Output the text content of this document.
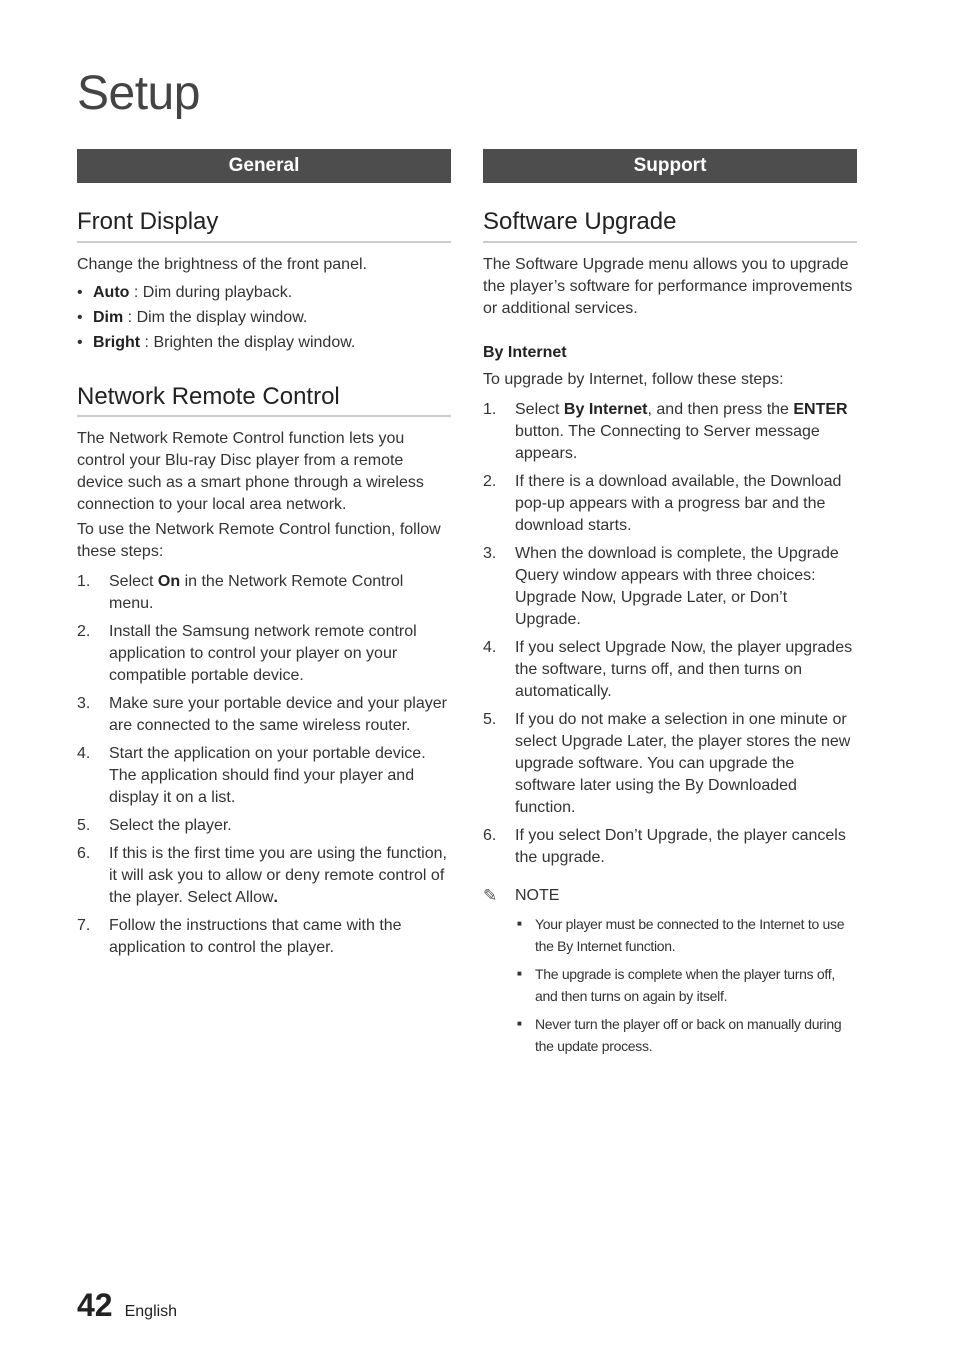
Setup
General
Front Display

Change the brightness of the front panel.

• Auto : Dim during playback.
• Dim : Dim the display window.
• Bright : Brighten the display window.
Network Remote Control

The Network Remote Control function lets you control your Blu-ray Disc player from a remote device such as a smart phone through a wireless connection to your local area network.

To use the Network Remote Control function, follow these steps:

1. Select On in the Network Remote Control menu.
2. Install the Samsung network remote control application to control your player on your compatible portable device.
3. Make sure your portable device and your player are connected to the same wireless router.
4. Start the application on your portable device. The application should find your player and display it on a list.
5. Select the player.
6. If this is the first time you are using the function, it will ask you to allow or deny remote control of the player. Select Allow.
7. Follow the instructions that came with the application to control the player.
Support
Software Upgrade

The Software Upgrade menu allows you to upgrade the player’s software for performance improvements or additional services.

By Internet

To upgrade by Internet, follow these steps:

1. Select By Internet, and then press the ENTER button. The Connecting to Server message appears.
2. If there is a download available, the Download pop-up appears with a progress bar and the download starts.
3. When the download is complete, the Upgrade Query window appears with three choices: Upgrade Now, Upgrade Later, or Don’t Upgrade.
4. If you select Upgrade Now, the player upgrades the software, turns off, and then turns on automatically.
5. If you do not make a selection in one minute or select Upgrade Later, the player stores the new upgrade software. You can upgrade the software later using the By Downloaded function.
6. If you select Don’t Upgrade, the player cancels the upgrade.
✎	NOTE
■ Your player must be connected to the Internet to use the By Internet function.
■ The upgrade is complete when the player turns off, and then turns on again by itself.
■ Never turn the player off or back on manually during the update process.
42 English
